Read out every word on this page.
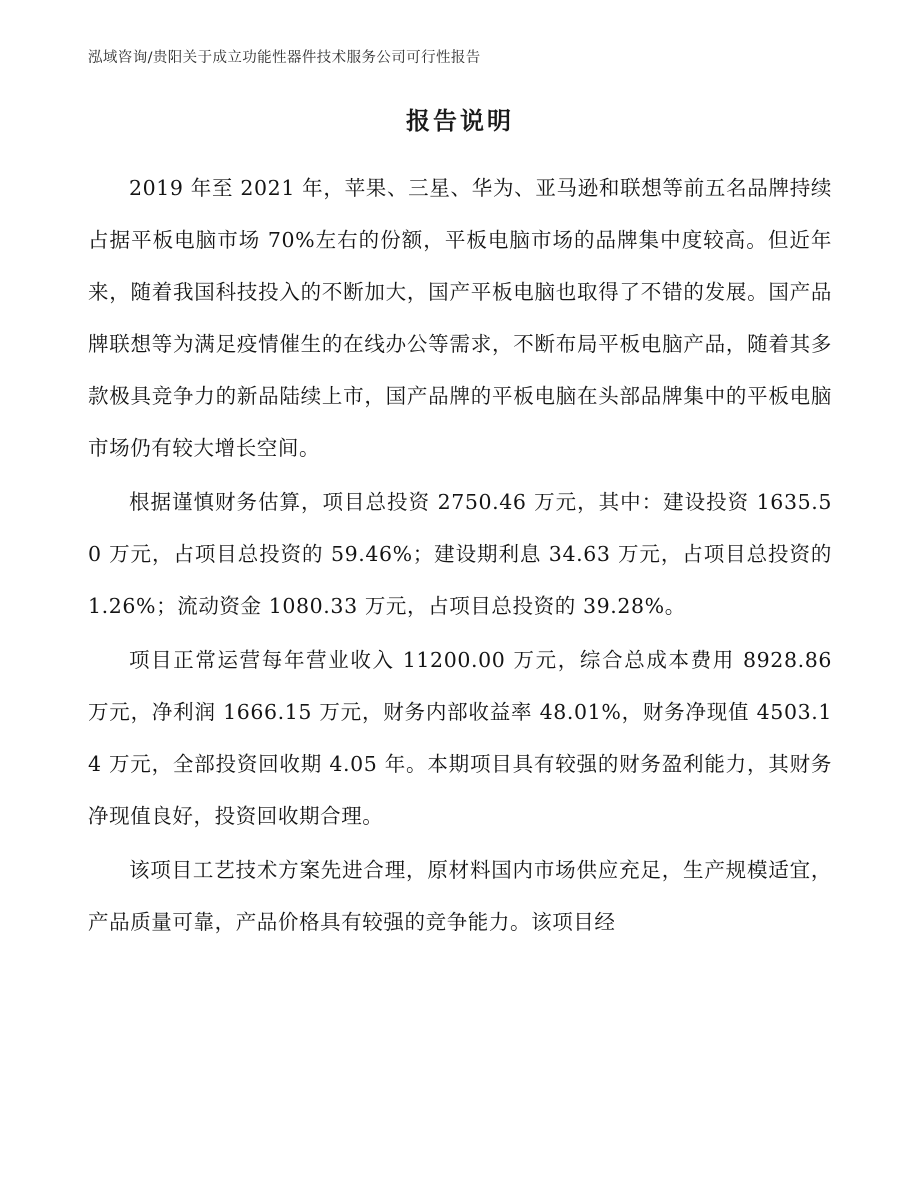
泓域咨询/贵阳关于成立功能性器件技术服务公司可行性报告
报告说明

2019 年至 2021 年，苹果、三星、华为、亚马逊和联想等前五名品牌持续占据平板电脑市场 70%左右的份额，平板电脑市场的品牌集中度较高。但近年来，随着我国科技投入的不断加大，国产平板电脑也取得了不错的发展。国产品牌联想等为满足疫情催生的在线办公等需求，不断布局平板电脑产品，随着其多款极具竞争力的新品陆续上市，国产品牌的平板电脑在头部品牌集中的平板电脑市场仍有较大增长空间。

根据谨慎财务估算，项目总投资 2750.46 万元，其中：建设投资 1635.50 万元，占项目总投资的 59.46%；建设期利息 34.63 万元，占项目总投资的 1.26%；流动资金 1080.33 万元，占项目总投资的 39.28%。

项目正常运营每年营业收入 11200.00 万元，综合总成本费用 8928.86 万元，净利润 1666.15 万元，财务内部收益率 48.01%，财务净现值 4503.14 万元，全部投资回收期 4.05 年。本期项目具有较强的财务盈利能力，其财务净现值良好，投资回收期合理。

该项目工艺技术方案先进合理，原材料国内市场供应充足，生产规模适宜，产品质量可靠，产品价格具有较强的竞争能力。该项目经
